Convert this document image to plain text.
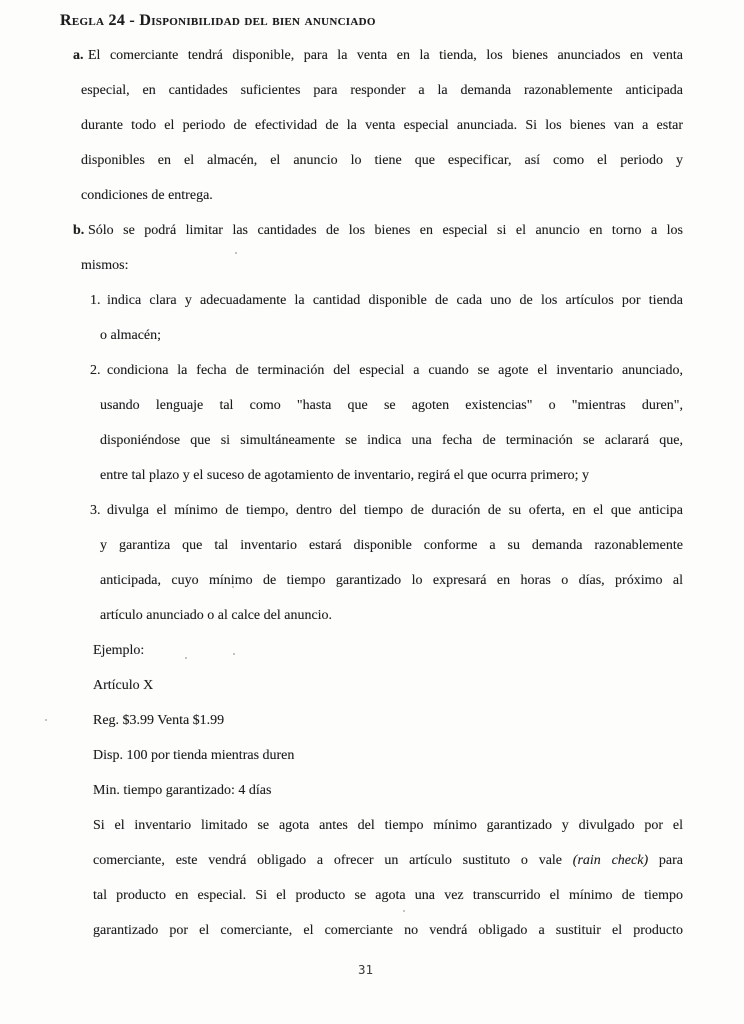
Regla 24 - Disponibilidad del bien anunciado
a. El comerciante tendrá disponible, para la venta en la tienda, los bienes anunciados en venta
especial, en cantidades suficientes para responder a la demanda razonablemente anticipada
durante todo el periodo de efectividad de la venta especial anunciada. Si los bienes van a estar
disponibles en el almacén, el anuncio lo tiene que especificar, así como el periodo y
condiciones de entrega.
b. Sólo se podrá limitar las cantidades de los bienes en especial si el anuncio en torno a los
mismos:
1. indica clara y adecuadamente la cantidad disponible de cada uno de los artículos por tienda
o almacén;
2. condiciona la fecha de terminación del especial a cuando se agote el inventario anunciado,
usando lenguaje tal como "hasta que se agoten existencias" o "mientras duren",
disponiéndose que si simultáneamente se indica una fecha de terminación se aclarará que,
entre tal plazo y el suceso de agotamiento de inventario, regirá el que ocurra primero; y
3. divulga el mínimo de tiempo, dentro del tiempo de duración de su oferta, en el que anticipa
y garantiza que tal inventario estará disponible conforme a su demanda razonablemente
anticipada, cuyo mínimo de tiempo garantizado lo expresará en horas o días, próximo al
artículo anunciado o al calce del anuncio.
Ejemplo:
Artículo X
Reg. $3.99 Venta $1.99
Disp. 100 por tienda mientras duren
Min. tiempo garantizado: 4 días
Si el inventario limitado se agota antes del tiempo mínimo garantizado y divulgado por el
comerciante, este vendrá obligado a ofrecer un artículo sustituto o vale (rain check) para
tal producto en especial. Si el producto se agota una vez transcurrido el mínimo de tiempo
garantizado por el comerciante, el comerciante no vendrá obligado a sustituir el producto
31
